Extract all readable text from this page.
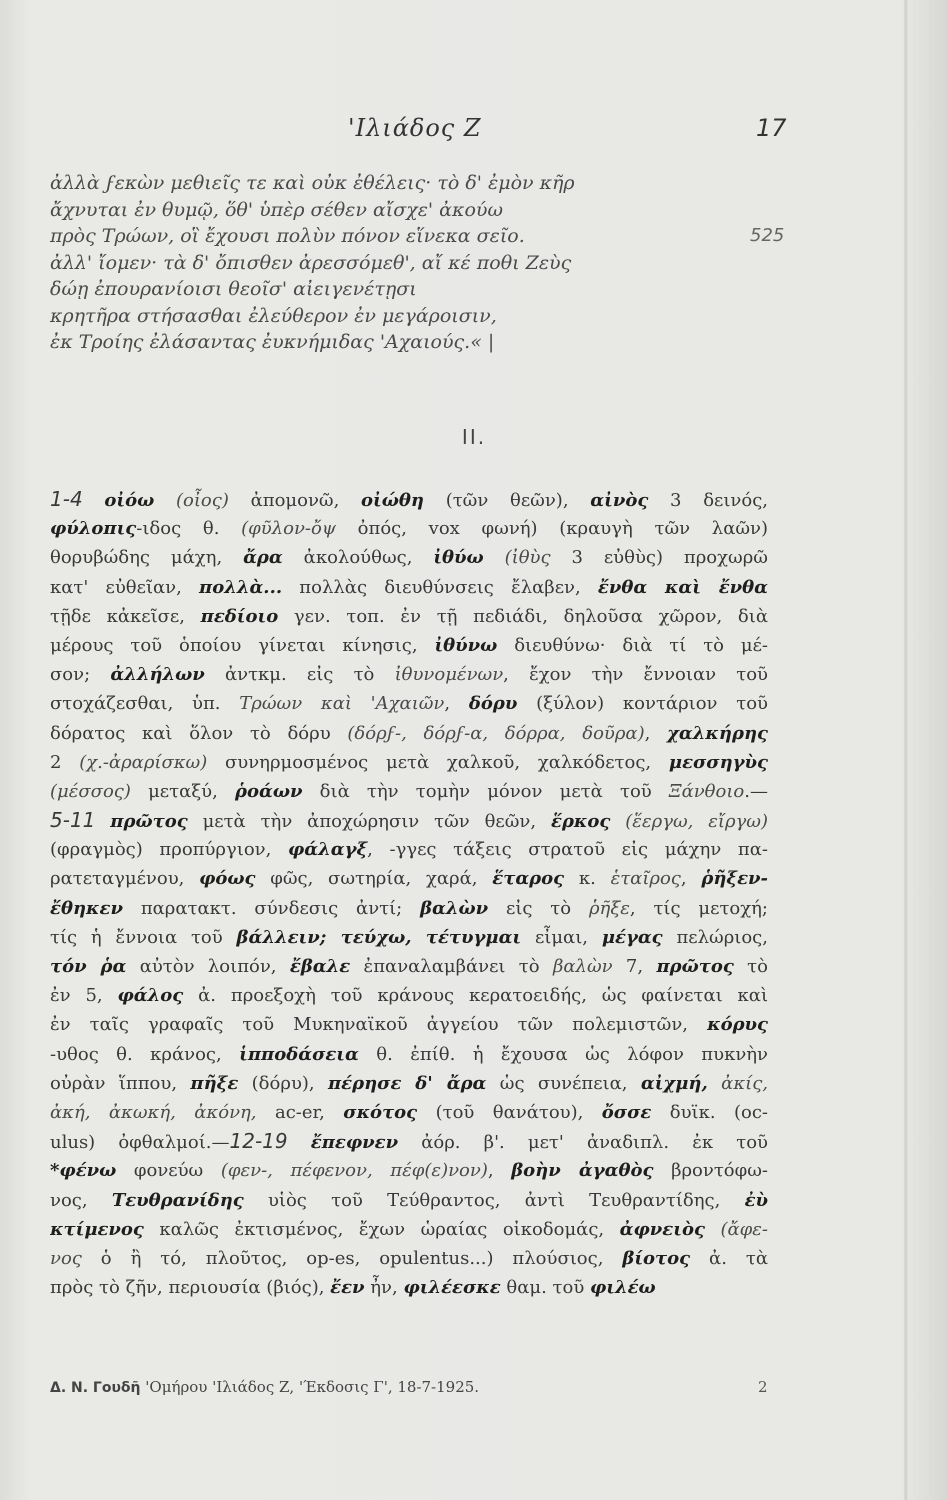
'Ιλιάδος Ζ	17
ἀλλὰ ϝεκὼν μεθιεῖς τε καὶ οὐκ ἐθέλεις· τὸ δ' ἐμὸν κῆρ
ἄχνυται ἐν θυμῷ, ὅθ' ὑπὲρ σέθεν αἴσχε' ἀκούω
πρὸς Τρώων, οἳ ἔχουσι πολὺν πόνον εἵνεκα σεῖο.	525
ἀλλ' ἴομεν· τὰ δ' ὄπισθεν ἀρεσσόμεθ', αἴ κέ ποθι Ζεὺς
δώῃ ἐπουρανίοισι θεοῖσ' αἰειγενέτῃσι
κρητῆρα στήσασθαι ἐλεύθερον ἐν μεγάροισιν,
ἐκ Τροίης ἐλάσαντας ἐυκνήμιδας 'Αχαιούς.« |
ΙΙ.
1-4 οἰόω (οἶος) ἀπομονῶ, οἰώθη (τῶν θεῶν), αἰνὸς 3 δεινός,
φύλοπις-ιδος θ. (φῦλον-ὄψ ὀπός, vox φωνή) (κραυγὴ τῶν λαῶν)
θορυβώδης μάχη, ἄρα ἀκολούθως, ἰθύω (ἰθὺς 3 εὐθὺς) προχωρῶ
κατ' εὐθεῖαν, πολλὰ... πολλὰς διευθύνσεις ἔλαβεν, ἔνθα καὶ ἔνθα
τῇδε κἀκεῖσε, πεδίοιο γεν. τοπ. ἐν τῇ πεδιάδι, δηλοῦσα χῶρον, διὰ
μέρους τοῦ ὁποίου γίνεται κίνησις, ἰθύνω διευθύνω· διὰ τί τὸ μέ-
σον; ἀλλήλων ἀντκμ. εἰς τὸ ἰθυνομένων, ἔχον τὴν ἔννοιαν τοῦ
στοχάζεσθαι, ὑπ. Τρώων καὶ 'Αχαιῶν, δόρυ (ξύλον) κοντάριον τοῦ
δόρατος καὶ ὅλον τὸ δόρυ (δόρϝ-, δόρϝ-α, δόρρα, δοῦρα), χαλκήρης
2 (χ.-ἀραρίσκω) συνηρμοσμένος μετὰ χαλκοῦ, χαλκόδετος, μεσσηγὺς
(μέσσος) μεταξύ, ῥοάων διὰ τὴν τομὴν μόνον μετὰ τοῦ Ξάνθοιο.—
5-11 πρῶτος μετὰ τὴν ἀποχώρησιν τῶν θεῶν, ἕρκος (ἕεργω, εἴργω)
(φραγμὸς) προπύργιον, φάλαγξ, -γγες τάξεις στρατοῦ εἰς μάχην πα-
ρατεταγμένου, φόως φῶς, σωτηρία, χαρά, ἕταρος κ. ἑταῖρος, ῥῆξεν-
ἔθηκεν παρατακτ. σύνδεσις ἀντί; βαλὼν εἰς τὸ ῥῆξε, τίς μετοχή;
τίς ἡ ἔννοια τοῦ βάλλειν; τεύχω, τέτυγμαι εἶμαι, μέγας πελώριος,
τόν ῥα αὐτὸν λοιπόν, ἔβαλε ἐπαναλαμβάνει τὸ βαλὼν 7, πρῶτος τὸ
ἐν 5, φάλος ἀ. προεξοχὴ τοῦ κράνους κερατοειδής, ὡς φαίνεται καὶ
ἐν ταῖς γραφαῖς τοῦ Μυκηναϊκοῦ ἀγγείου τῶν πολεμιστῶν, κόρυς
-υθος θ. κράνος, ἱπποδάσεια θ. ἐπίθ. ἡ ἔχουσα ὡς λόφον πυκνὴν
οὐρὰν ἵππου, πῆξε (δόρυ), πέρησε δ' ἄρα ὡς συνέπεια, αἰχμή, ἀκίς,
ἀκή, ἀκωκή, ἀκόνη, ac-er, σκότος (τοῦ θανάτου), ὄσσε δυϊκ. (oc-
ulus) ὀφθαλμοί.—12-19 ἔπεφνεν ἀόρ. β'. μετ' ἀναδιπλ. ἐκ τοῦ
*φένω φονεύω (φεν-, πέφενον, πέφ(ε)νον), βοὴν ἀγαθὸς βροντόφω-
νος, Τευθρανίδης υἱὸς τοῦ Τεύθραντος, ἀντὶ Τευθραντίδης, ἐὺ
κτίμενος καλῶς ἐκτισμένος, ἔχων ὡραίας οἰκοδομάς, ἀφνειὸς (ἄφε-
νος ὁ ἢ τό, πλοῦτος, op-es, opulentus...) πλούσιος, βίοτος ἀ. τὰ
πρὸς τὸ ζῆν, περιουσία (βιός), ἔεν ἦν, φιλέεσκε θαμ. τοῦ φιλέω
Δ. Ν. Γουδῆ 'Ομήρου 'Ιλιάδος Ζ, 'Έκδοσις Γ', 18-7-1925.	2
